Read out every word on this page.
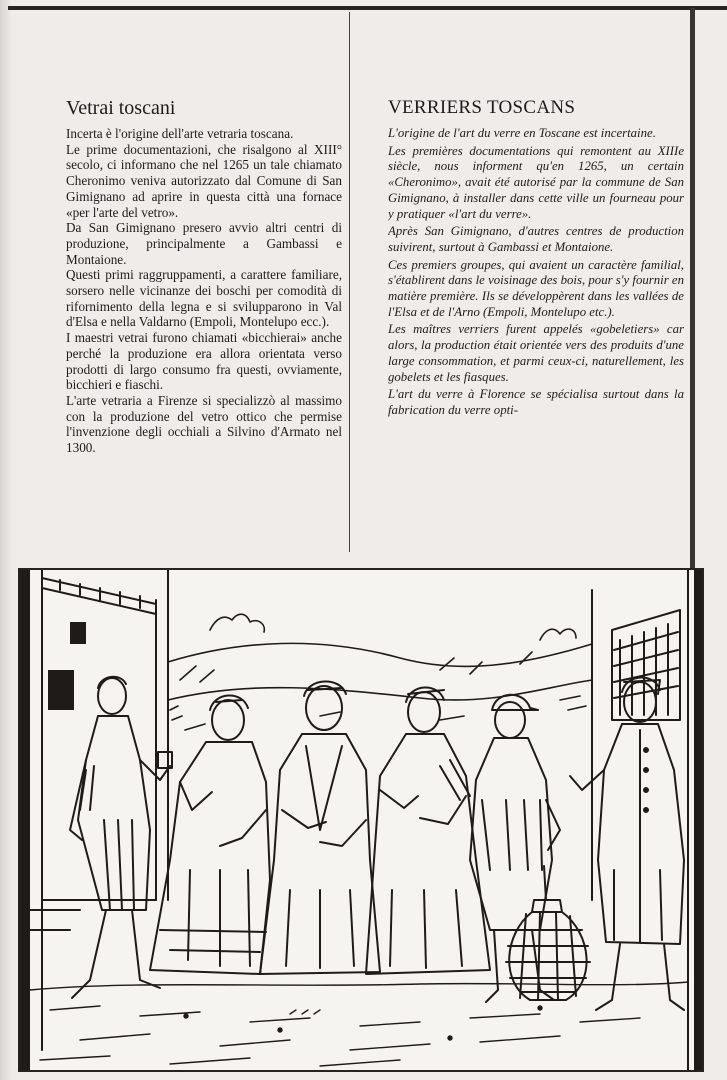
Vetrai toscani

Incerta è l'origine dell'arte vetraria toscana.

Le prime documentazioni, che risalgono al XIII° secolo, ci informano che nel 1265 un tale chiamato Cheronimo veniva autorizzato dal Comune di San Gimignano ad aprire in questa città una fornace «per l'arte del vetro».

Da San Gimignano presero avvio altri centri di produzione, principalmente a Gambassi e Montaione.

Questi primi raggruppamenti, a carattere familiare, sorsero nelle vicinanze dei boschi per comodità di rifornimento della legna e si svilupparono in Val d'Elsa e nella Valdarno (Empoli, Montelupo ecc.).

I maestri vetrai furono chiamati «bicchierai» anche perché la produzione era allora orientata verso prodotti di largo consumo fra questi, ovviamente, bicchieri e fiaschi.

L'arte vetraria a Firenze si specializzò al massimo con la produzione del vetro ottico che permise l'invenzione degli occhiali a Silvino d'Armato nel 1300.

VERRIERS TOSCANS

L'origine de l'art du verre en Toscane est incertaine.

Les premières documentations qui remontent au XIIIe siècle, nous informent qu'en 1265, un certain «Cheronimo», avait été autorisé par la commune de San Gimignano, à installer dans cette ville un fourneau pour y pratiquer «l'art du verre».

Après San Gimignano, d'autres centres de production suivirent, surtout à Gambassi et Montaione.

Ces premiers groupes, qui avaient un caractère familial, s'établirent dans le voisinage des bois, pour s'y fournir en matière première. Ils se développèrent dans les vallées de l'Elsa et de l'Arno (Empoli, Montelupo etc.).

Les maîtres verriers furent appelés «gobeletiers» car alors, la production était orientée vers des produits d'une large consommation, et parmi ceux-ci, naturellement, les gobelets et les fiasques.

L'art du verre à Florence se spécialisa surtout dans la fabrication du verre opti-
